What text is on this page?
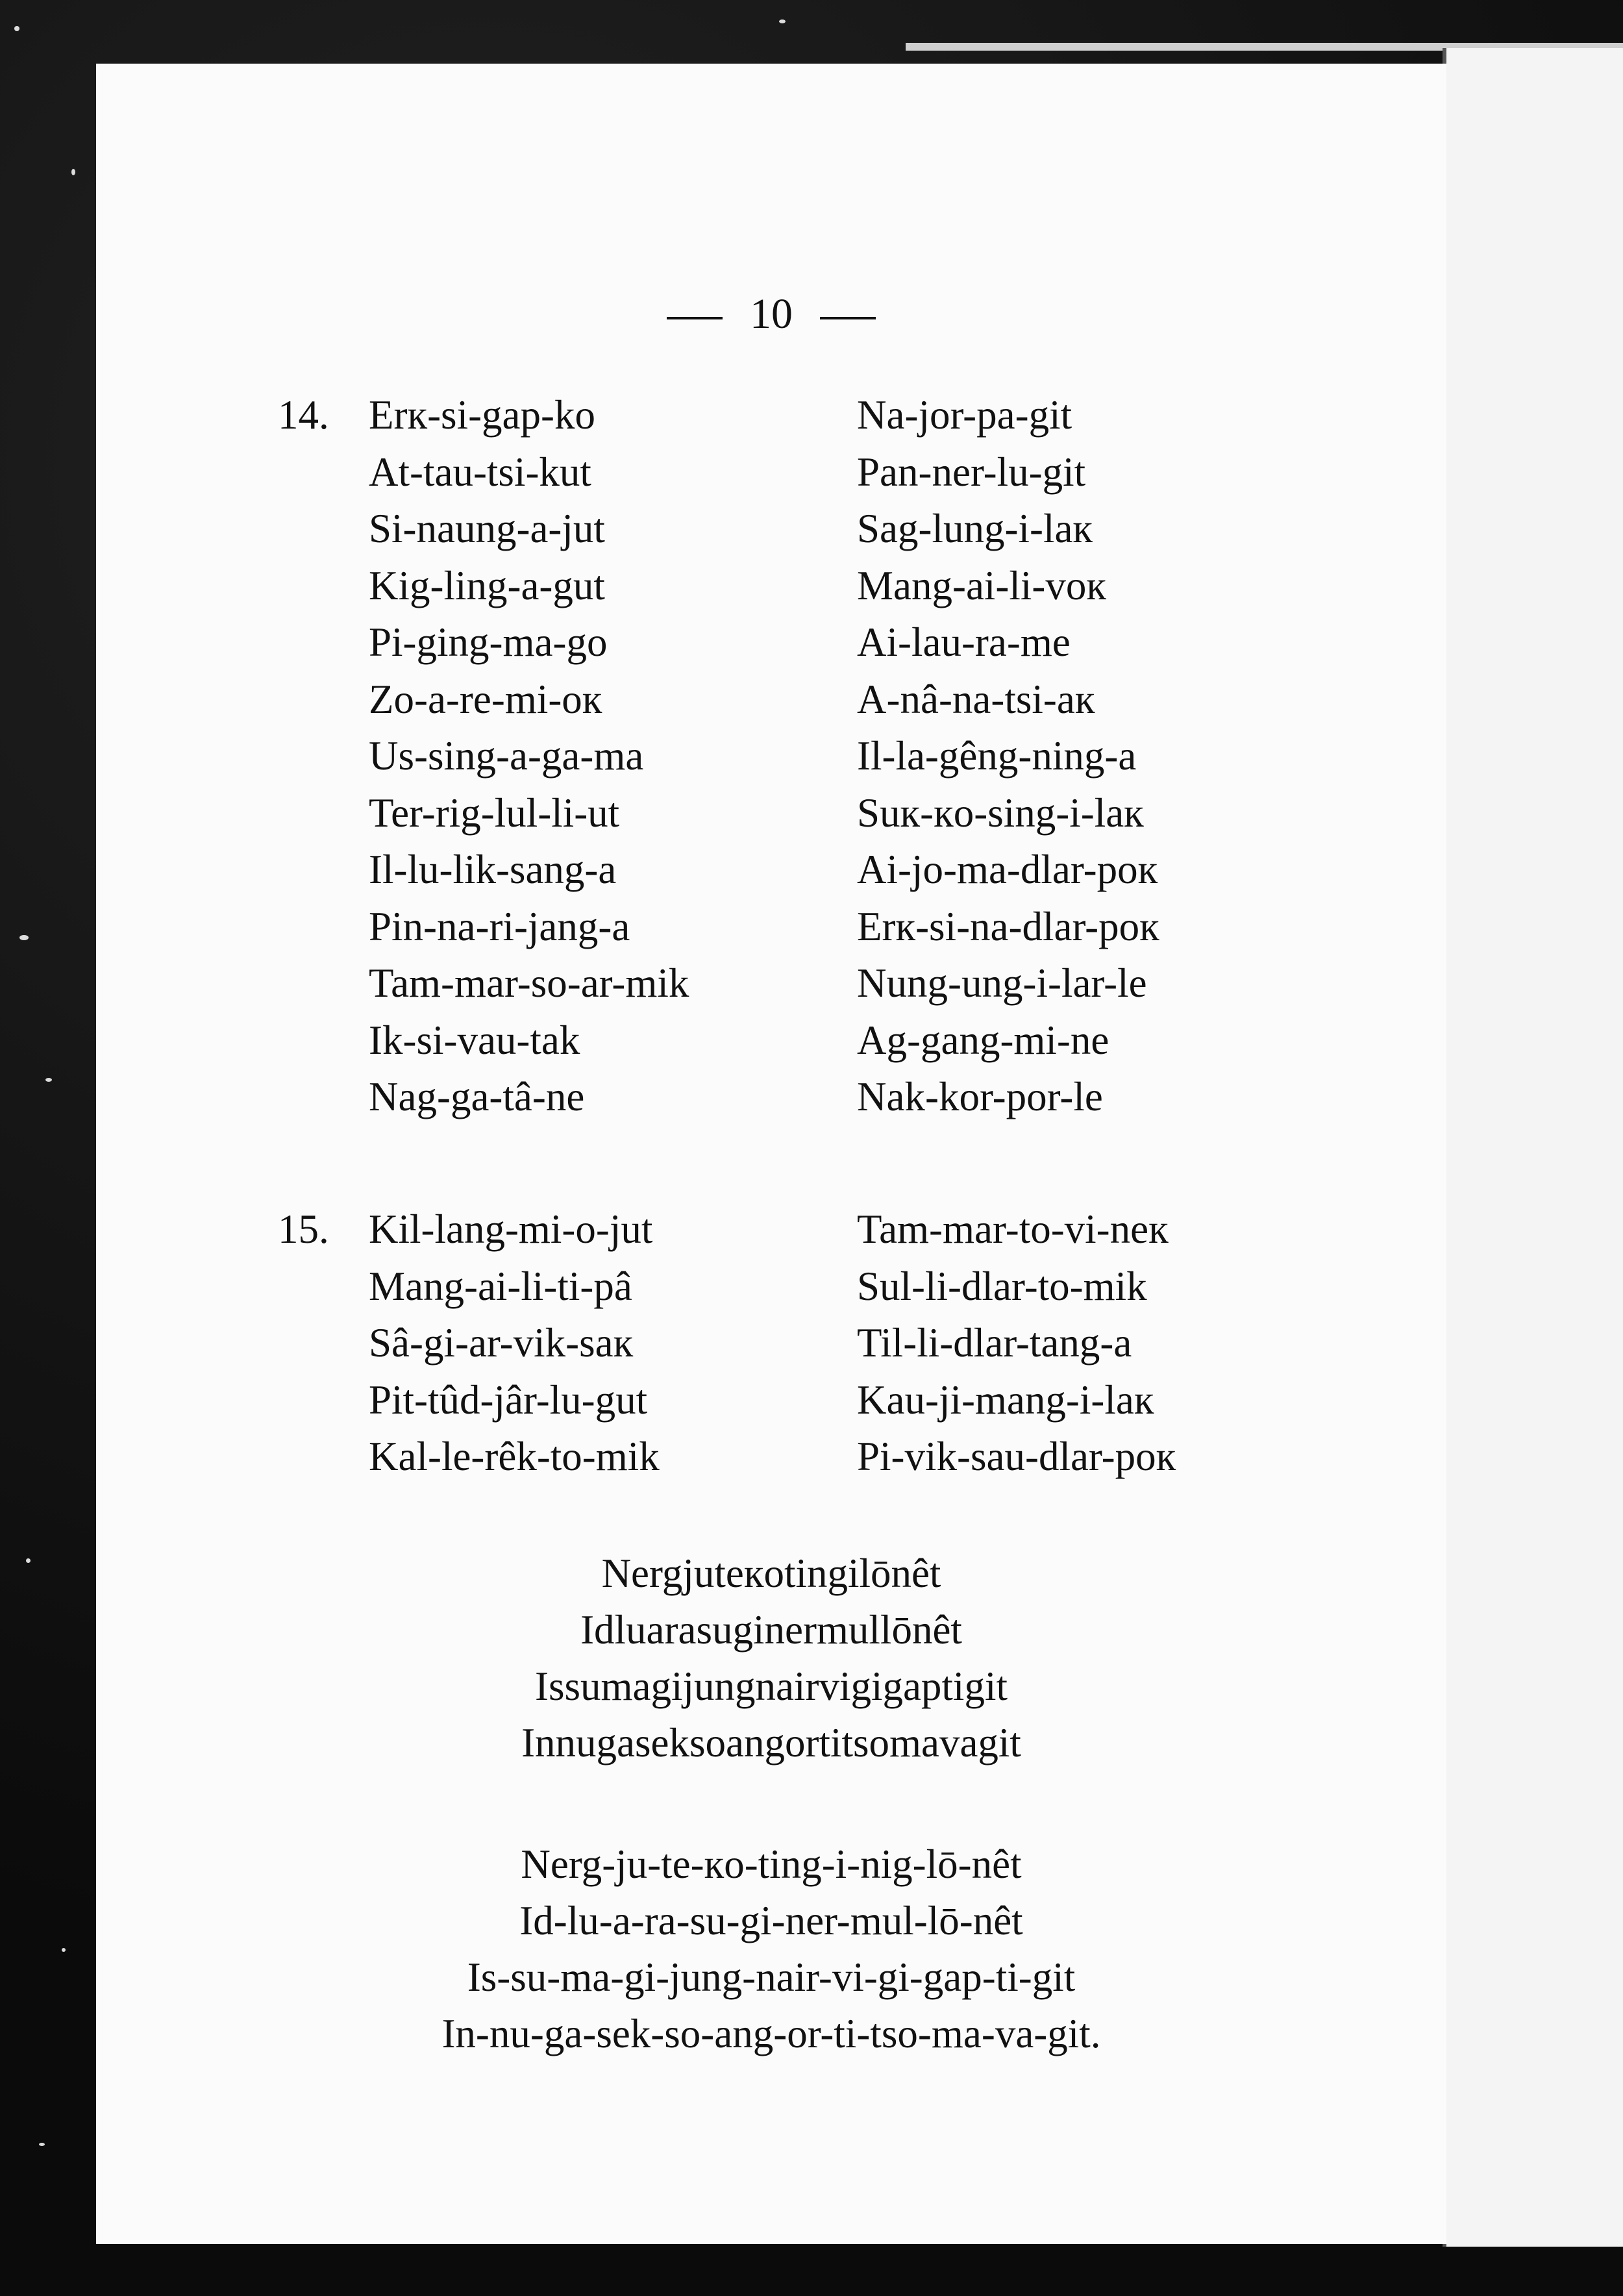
10
14. Erк-si-gap-ko
At-tau-tsi-kut
Si-naung-a-jut
Kig-ling-a-gut
Pi-ging-ma-go
Zo-a-re-mi-oк
Us-sing-a-ga-ma
Ter-rig-lul-li-ut
Il-lu-lik-sang-a
Pin-na-ri-jang-a
Tam-mar-so-ar-mik
Ik-si-vau-tak
Nag-ga-tâ-ne
Na-jor-pa-git
Pan-ner-lu-git
Sag-lung-i-laк
Mang-ai-li-voк
Ai-lau-ra-me
A-nâ-na-tsi-aк
Il-la-gêng-ning-a
Suк-кo-sing-i-laк
Ai-jo-ma-dlar-poк
Erк-si-na-dlar-poк
Nung-ung-i-lar-le
Ag-gang-mi-ne
Nak-kor-por-le
15. Kil-lang-mi-o-jut
Mang-ai-li-ti-pâ
Sâ-gi-ar-vik-saк
Pit-tûd-jâr-lu-gut
Kal-le-rêk-to-mik
Tam-mar-to-vi-neк
Sul-li-dlar-to-mik
Til-li-dlar-tang-a
Kau-ji-mang-i-laк
Pi-vik-sau-dlar-poк
Nergjuteкotingilōnêt
Idluarasuginermullōnêt
Issumagijungnairvigigaptigit
Innugaseksoangortitsomavagit
Nerg-ju-te-кo-ting-i-nig-lō-nêt
Id-lu-a-ra-su-gi-ner-mul-lō-nêt
Is-su-ma-gi-jung-nair-vi-gi-gap-ti-git
In-nu-ga-sek-so-ang-or-ti-tso-ma-va-git.
